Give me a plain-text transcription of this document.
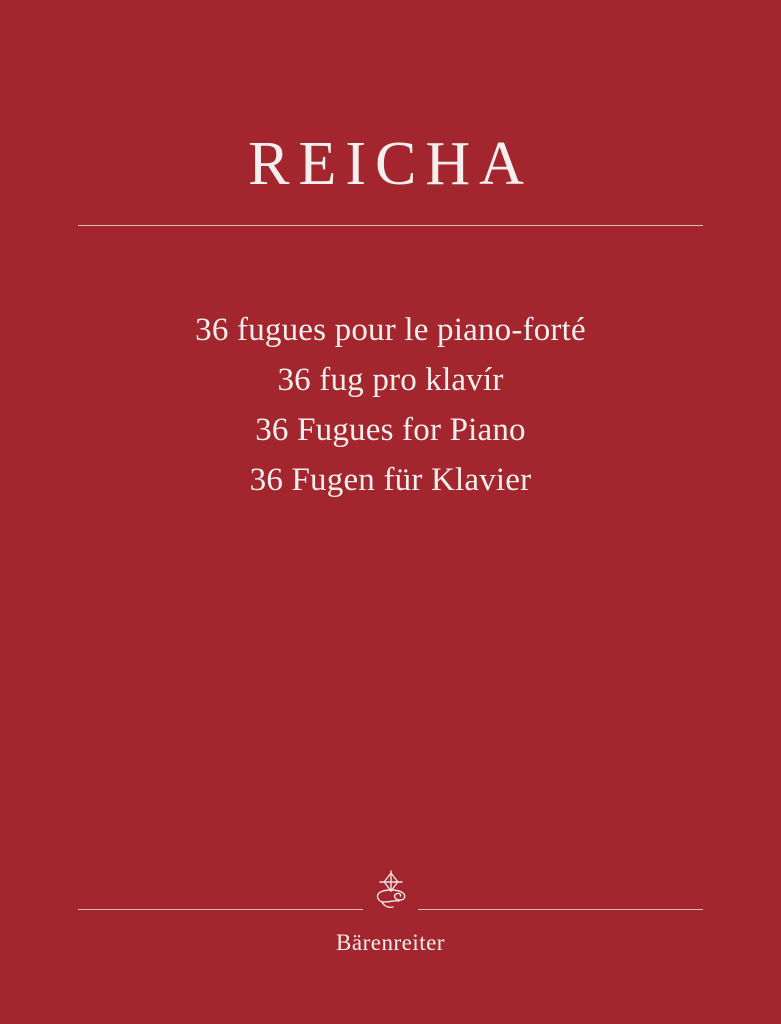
REICHA
36 fugues pour le piano-forté
36 fug pro klavír
36 Fugues for Piano
36 Fugen für Klavier
Bärenreiter
